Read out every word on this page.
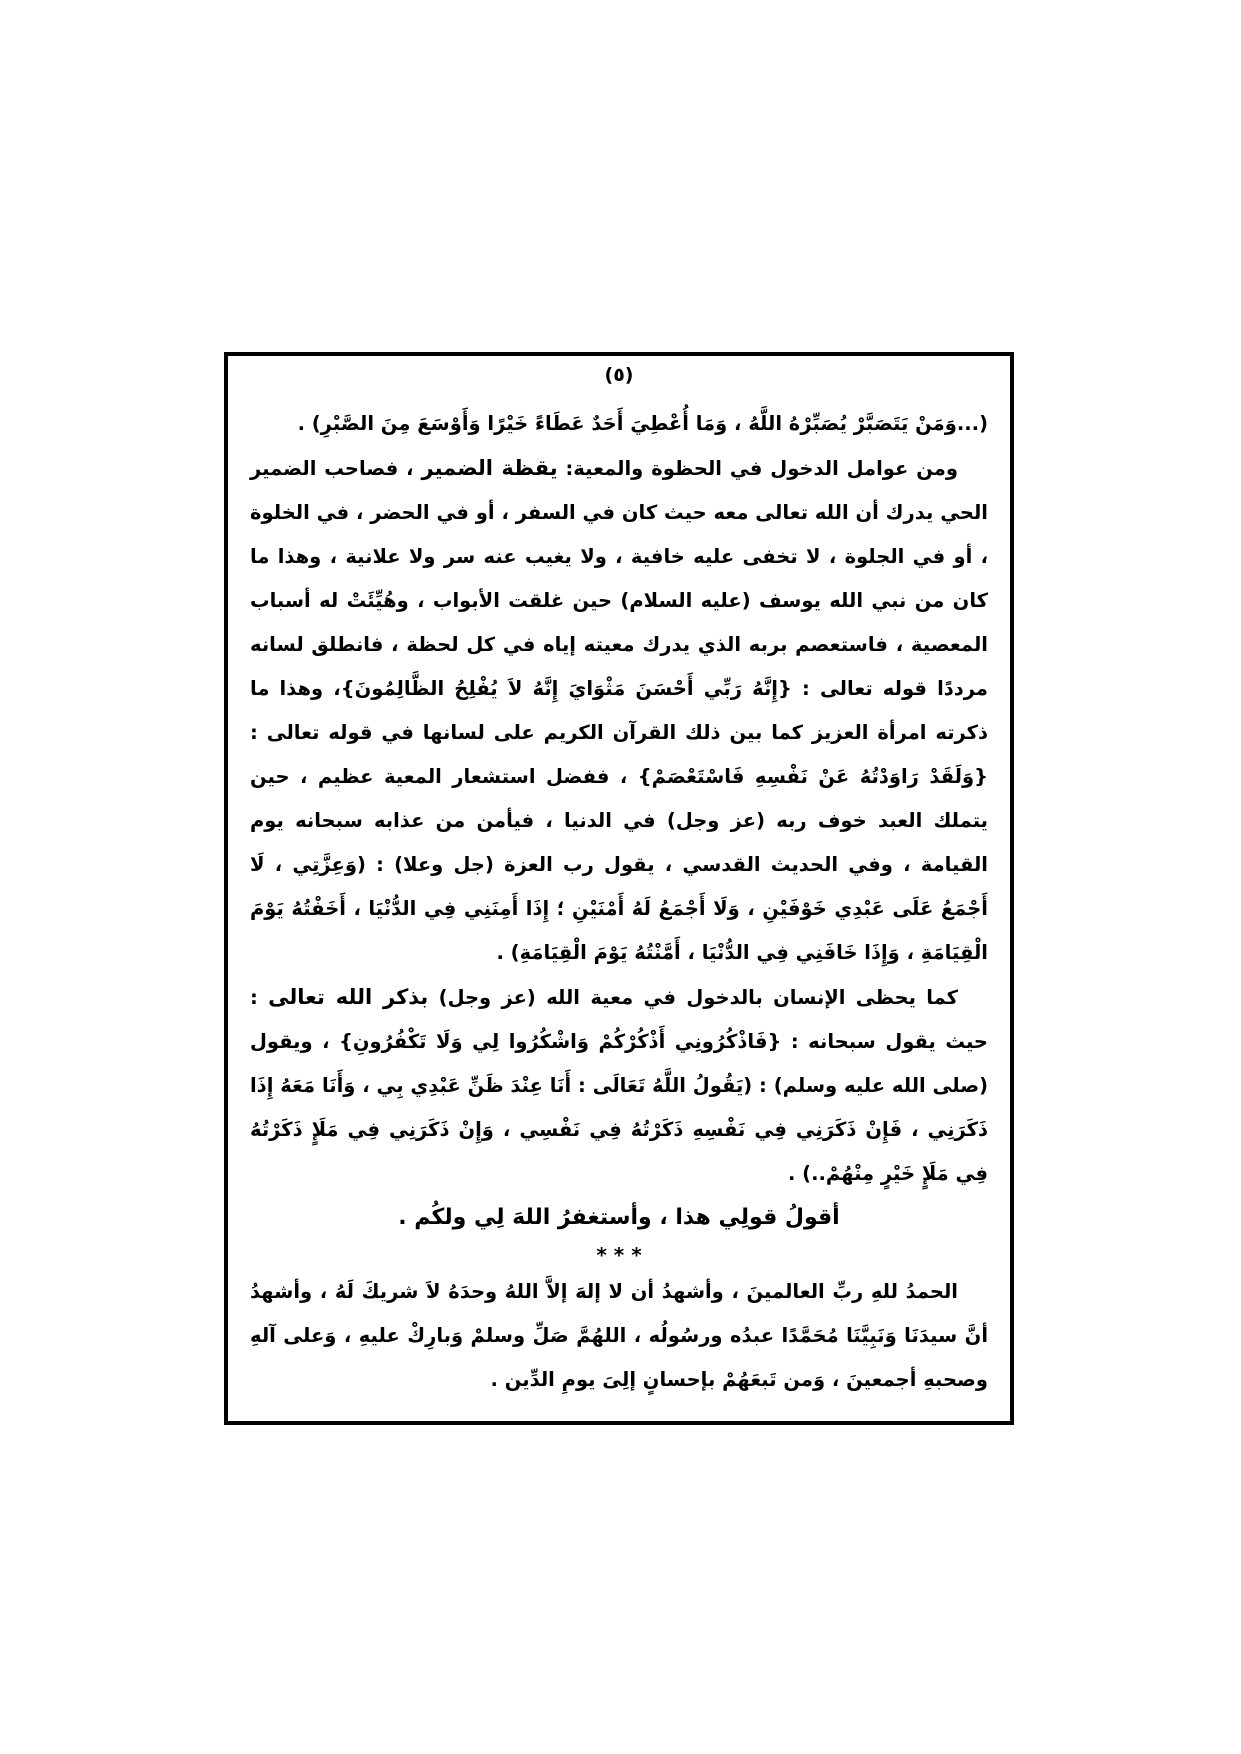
(٥)

(...وَمَنْ يَتَصَبَّرْ يُصَبِّرْهُ اللَّهُ ، وَمَا أُعْطِيَ أَحَدٌ عَطَاءً خَيْرًا وَأَوْسَعَ مِنَ الصَّبْرِ) .

ومن عوامل الدخول في الحظوة والمعية: يقظة الضمير ، فصاحب الضمير الحي يدرك أن الله تعالى معه حيث كان في السفر ، أو في الحضر ، في الخلوة ، أو في الجلوة ، لا تخفى عليه خافية ، ولا يغيب عنه سر ولا علانية ، وهذا ما كان من نبي الله يوسف (عليه السلام) حين غلقت الأبواب ، وهُيِّئَتْ له أسباب المعصية ، فاستعصم بربه الذي يدرك معيته إياه في كل لحظة ، فانطلق لسانه مرددًا قوله تعالى : {إِنَّهُ رَبِّي أَحْسَنَ مَثْوَايَ إِنَّهُ لاَ يُفْلِحُ الظَّالِمُونَ}، وهذا ما ذكرته امرأة العزيز كما بين ذلك القرآن الكريم على لسانها في قوله تعالى : {وَلَقَدْ رَاوَدْتُهُ عَنْ نَفْسِهِ فَاسْتَعْصَمْ} ، ففضل استشعار المعية عظيم ، حين يتملك العبد خوف ربه (عز وجل) في الدنيا ، فيأمن من عذابه سبحانه يوم القيامة ، وفي الحديث القدسي ، يقول رب العزة (جل وعلا) : (وَعِزَّتِي ، لَا أَجْمَعُ عَلَى عَبْدِي خَوْفَيْنِ ، وَلَا أَجْمَعُ لَهُ أَمْنَيْنِ ؛ إِذَا أَمِنَنِي فِي الدُّنْيَا ، أَخَفْتُهُ يَوْمَ الْقِيَامَةِ ، وَإِذَا خَافَنِي فِي الدُّنْيَا ، أَمَّنْتُهُ يَوْمَ الْقِيَامَةِ) .

كما يحظى الإنسان بالدخول في معية الله (عز وجل) بذكر الله تعالى : حيث يقول سبحانه : {فَاذْكُرُونِي أَذْكُرْكُمْ وَاشْكُرُوا لِي وَلَا تَكْفُرُونِ} ، ويقول (صلى الله عليه وسلم) : (يَقُولُ اللَّهُ تَعَالَى : أَنَا عِنْدَ ظَنِّ عَبْدِي بِي ، وَأَنَا مَعَهُ إِذَا ذَكَرَنِي ، فَإِنْ ذَكَرَنِي فِي نَفْسِهِ ذَكَرْتُهُ فِي نَفْسِي ، وَإِنْ ذَكَرَنِي فِي مَلَإٍ ذَكَرْتُهُ فِي مَلَإٍ خَيْرٍ مِنْهُمْ..) .

أقولُ قولِي هذا ، وأستغفرُ اللهَ لِي ولكُم .

* * *

الحمدُ للهِ ربِّ العالمينَ ، وأشهدُ أن لا إلهَ إلاَّ اللهُ وحدَهُ لاَ شريكَ لَهُ ، وأشهدُ أنَّ سيدَنَا وَنَبِيَّنَا مُحَمَّدًا عبدُه ورسُولُه ، اللهُمَّ صَلِّ وسلمْ وَبارِكْ عليهِ ، وَعلى آلهِ وصحبهِ أجمعينَ ، وَمن تَبعَهُمْ بإحسانٍ إلِىَ يومِ الدِّين .
